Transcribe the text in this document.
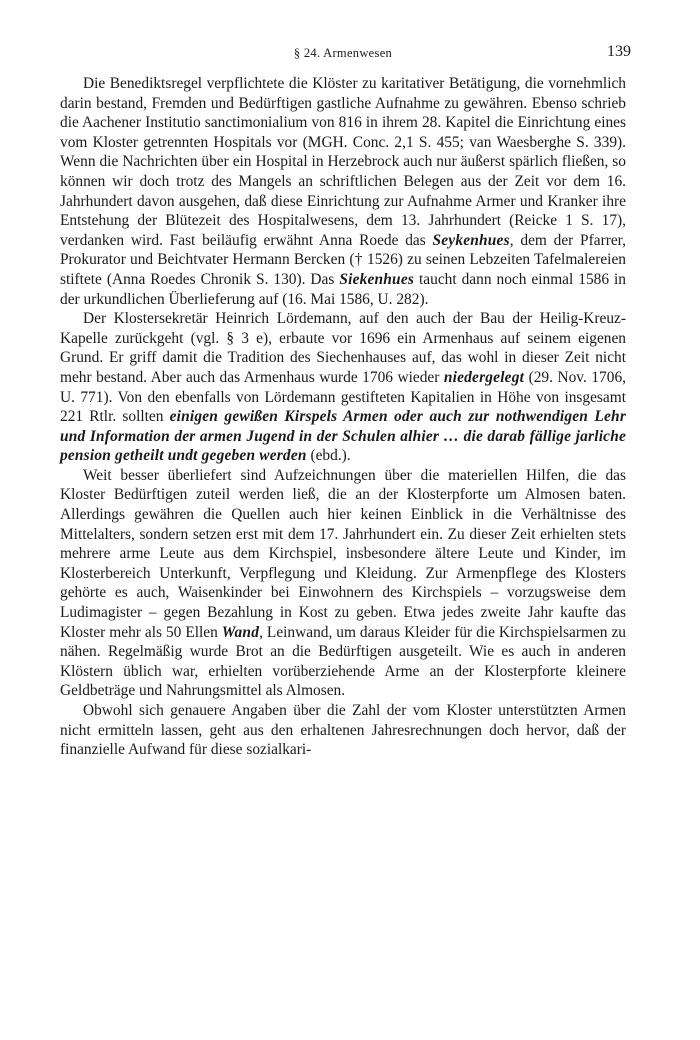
§ 24. Armenwesen	139

Die Benediktsregel verpflichtete die Klöster zu karitativer Betätigung, die vornehmlich darin bestand, Fremden und Bedürftigen gastliche Aufnahme zu gewähren. Ebenso schrieb die Aachener Institutio sanctimonialium von 816 in ihrem 28. Kapitel die Einrichtung eines vom Kloster getrennten Hospitals vor (MGH. Conc. 2,1 S. 455; van Waesberghe S. 339). Wenn die Nachrichten über ein Hospital in Herzebrock auch nur äußerst spärlich fließen, so können wir doch trotz des Mangels an schriftlichen Belegen aus der Zeit vor dem 16. Jahrhundert davon ausgehen, daß diese Einrichtung zur Aufnahme Armer und Kranker ihre Entstehung der Blütezeit des Hospitalwesens, dem 13. Jahrhundert (Reicke 1 S. 17), verdanken wird. Fast beiläufig erwähnt Anna Roede das Seykenhues, dem der Pfarrer, Prokurator und Beichtvater Hermann Bercken († 1526) zu seinen Lebzeiten Tafelmalereien stiftete (Anna Roedes Chronik S. 130). Das Siekenhues taucht dann noch einmal 1586 in der urkundlichen Überlieferung auf (16. Mai 1586, U. 282).

Der Klostersekretär Heinrich Lördemann, auf den auch der Bau der Heilig-Kreuz-Kapelle zurückgeht (vgl. § 3 e), erbaute vor 1696 ein Armenhaus auf seinem eigenen Grund. Er griff damit die Tradition des Siechenhauses auf, das wohl in dieser Zeit nicht mehr bestand. Aber auch das Armenhaus wurde 1706 wieder niedergelegt (29. Nov. 1706, U. 771). Von den ebenfalls von Lördemann gestifteten Kapitalien in Höhe von insgesamt 221 Rtlr. sollten einigen gewißen Kirspels Armen oder auch zur nothwendigen Lehr und Information der armen Jugend in der Schulen alhier … die darab fällige jarliche pension getheilt undt gegeben werden (ebd.).

Weit besser überliefert sind Aufzeichnungen über die materiellen Hilfen, die das Kloster Bedürftigen zuteil werden ließ, die an der Klosterpforte um Almosen baten. Allerdings gewähren die Quellen auch hier keinen Einblick in die Verhältnisse des Mittelalters, sondern setzen erst mit dem 17. Jahrhundert ein. Zu dieser Zeit erhielten stets mehrere arme Leute aus dem Kirchspiel, insbesondere ältere Leute und Kinder, im Klosterbereich Unterkunft, Verpflegung und Kleidung. Zur Armenpflege des Klosters gehörte es auch, Waisenkinder bei Einwohnern des Kirchspiels – vorzugsweise dem Ludimagister – gegen Bezahlung in Kost zu geben. Etwa jedes zweite Jahr kaufte das Kloster mehr als 50 Ellen Wand, Leinwand, um daraus Kleider für die Kirchspielsarmen zu nähen. Regelmäßig wurde Brot an die Bedürftigen ausgeteilt. Wie es auch in anderen Klöstern üblich war, erhielten vorüberziehende Arme an der Klosterpforte kleinere Geldbeträge und Nahrungsmittel als Almosen.

Obwohl sich genauere Angaben über die Zahl der vom Kloster unterstützten Armen nicht ermitteln lassen, geht aus den erhaltenen Jahresrechnungen doch hervor, daß der finanzielle Aufwand für diese sozialkari-
